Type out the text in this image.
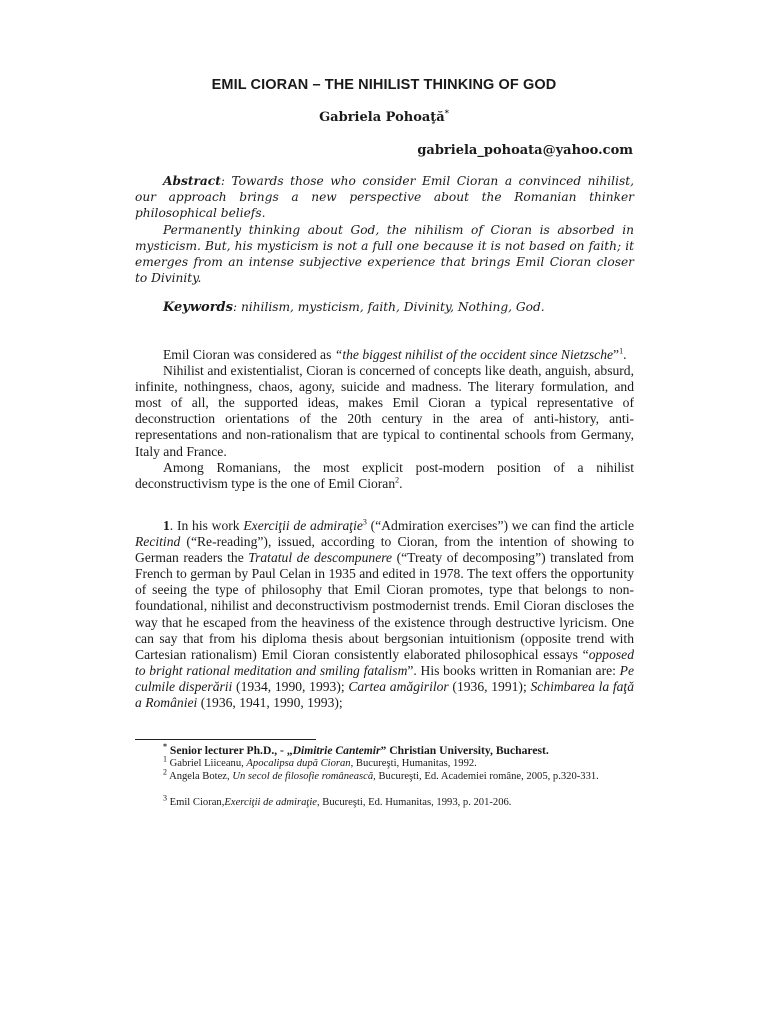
EMIL CIORAN – THE NIHILIST THINKING OF GOD
Gabriela Pohoaţă*
gabriela_pohoata@yahoo.com

Abstract: Towards those who consider Emil Cioran a convinced nihilist, our approach brings a new perspective about the Romanian thinker philosophical beliefs.

Permanently thinking about God, the nihilism of Cioran is absorbed in mysticism. But, his mysticism is not a full one because it is not based on faith; it emerges from an intense subjective experience that brings Emil Cioran closer to Divinity.

Keywords: nihilism, mysticism, faith, Divinity, Nothing, God.

Emil Cioran was considered as “the biggest nihilist of the occident since Nietzsche”$^1$.

Nihilist and existentialist, Cioran is concerned of concepts like death, anguish, absurd, infinite, nothingness, chaos, agony, suicide and madness. The literary formulation, and most of all, the supported ideas, makes Emil Cioran a typical representative of deconstruction orientations of the 20th century in the area of anti-history, anti- representations and non-rationalism that are typical to continental schools from Germany, Italy and France.

Among Romanians, the most explicit post-modern position of a nihilist deconstructivism type is the one of Emil Cioran$^2$.

1. In his work Exerciţii de admiraţie$^3$ (“Admiration exercises”) we can find the article Recitind (“Re-reading”), issued, according to Cioran, from the intention of showing to German readers the Tratatul de descompunere (“Treaty of decomposing”) translated from French to german by Paul Celan in 1935 and edited in 1978. The text offers the opportunity of seeing the type of philosophy that Emil Cioran promotes, type that belongs to non-foundational, nihilist and deconstructivism postmodernist trends. Emil Cioran discloses the way that he escaped from the heaviness of the existence through destructive lyricism. One can say that from his diploma thesis about bergsonian intuitionism (opposite trend with Cartesian rationalism) Emil Cioran consistently elaborated philosophical essays “opposed to bright rational meditation and smiling fatalism”. His books written in Romanian are: Pe culmile disperării (1934, 1990, 1993); Cartea amăgirilor (1936, 1991); Schimbarea la faţă a României (1936, 1941, 1990, 1993);

* Senior lecturer Ph.D., - „Dimitrie Cantemir” Christian University, Bucharest.
$^1$ Gabriel Liiceanu, Apocalipsa după Cioran, Bucureşti, Humanitas, 1992.
$^2$ Angela Botez, Un secol de filosofie românească, Bucureşti, Ed. Academiei române, 2005, p.320-331.
$^3$ Emil Cioran,Exerciţii de admiraţie, Bucureşti, Ed. Humanitas, 1993, p. 201-206.
